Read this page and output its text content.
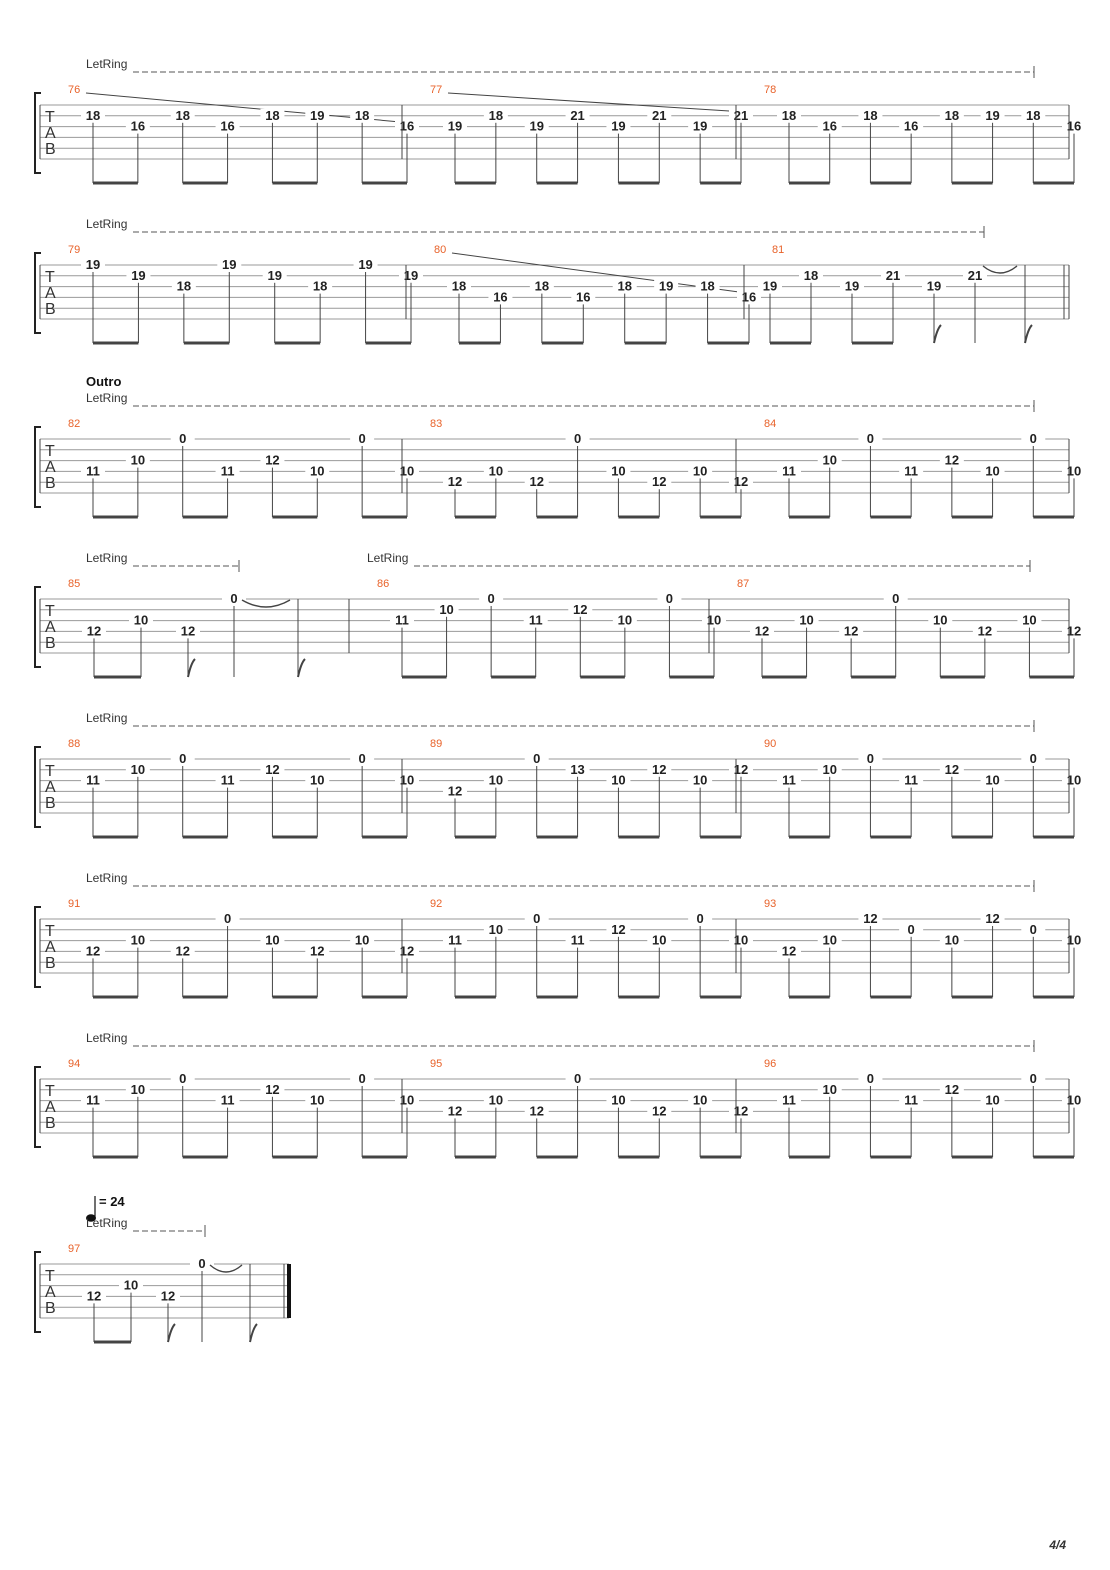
LetRing
T
A
B
76
18
16
18
16
18 19 18
16
77
19
18
19
21
19
21
19
21
78
18
16
18
16
18 19 18
16
LetRing
T
A
B
79
19
19
18
19
19
18
19
19
80
18
16
18
16
18 19 18
16
81
19
18
19
21
19
21
Outro
LetRing
T
A
B
82
11
10
0
11
12
10
0
10
83
12
10
12
0
10
12
10
12
84
11
10
0
11
12
10
0
10
LetRing	LetRing
T
A
B
85
12
10
12
0
86
11
10
0
11
12
10
0
10
87
12
10
12
0
10
12
10
12
LetRing
T
A
B
88
11
10
0
11
12
10
0
10
89
12
10
0
13
10
12
10
12
90
11
10
0
11
12
10
0
10
LetRing
T
A
B
91
12
10
12
0
10
12
10
12
92
11
10
0
11
12
10
0
10
93
12
10
12
0
10
12
0
10
LetRing
T
A
B
94
11
10
0
11
12
10
0
10
95
12
10
12
0
10
12
10
12
96
11
10
0
11
12
10
0
10
= 24
LetRing
T
A
B
97
12
10
12
0
4/4
